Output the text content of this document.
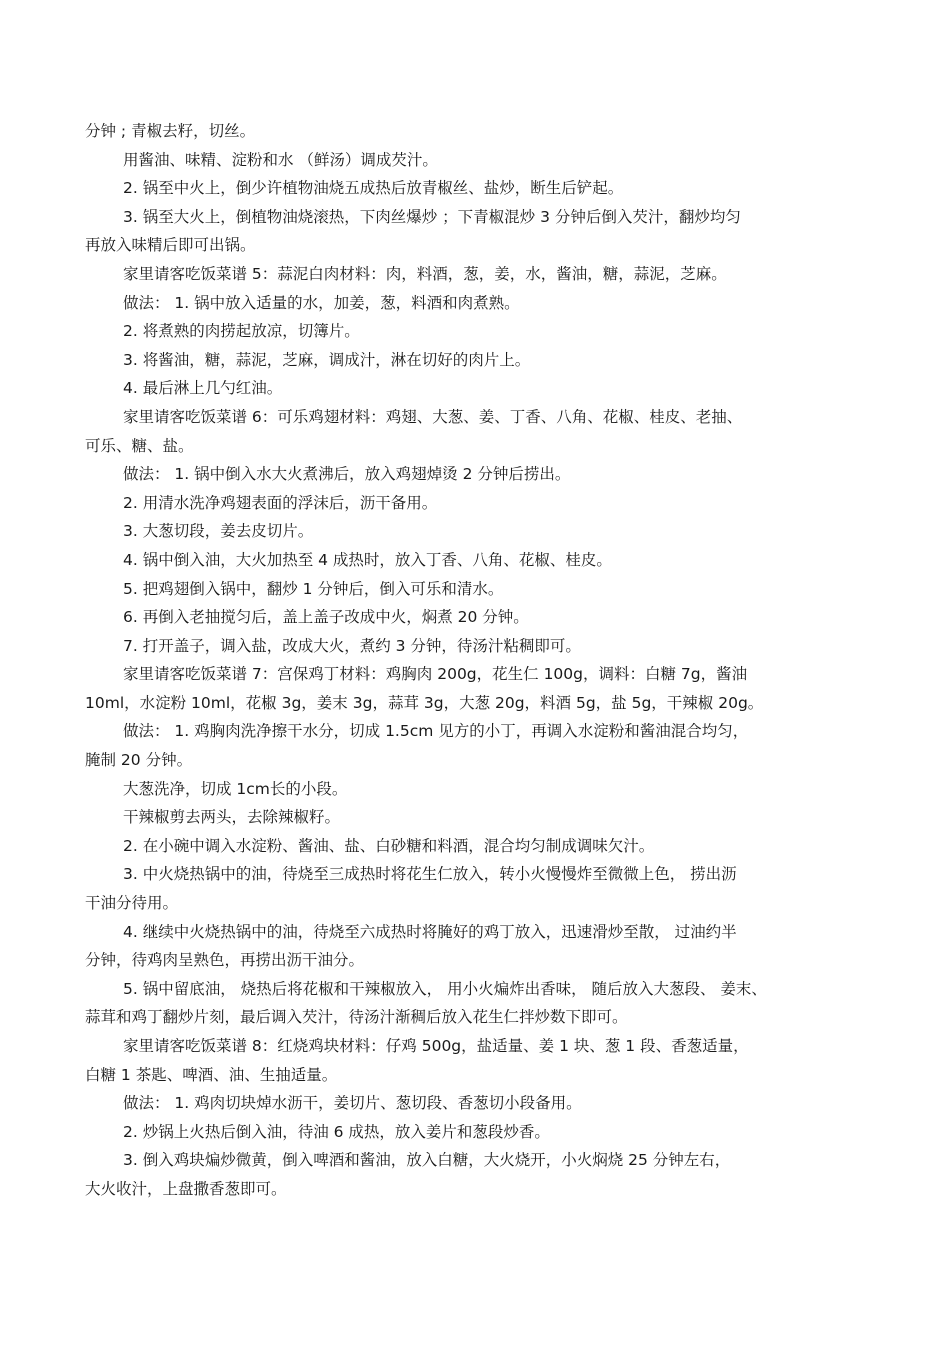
分钟 ; 青椒去籽，切丝。
用酱油、味精、淀粉和水 （鲜汤）调成芡汁。
2. 锅至中火上，倒少许植物油烧五成热后放青椒丝、盐炒，断生后铲起。
3. 锅至大火上，倒植物油烧滚热，下肉丝爆炒 ；下青椒混炒 3 分钟后倒入芡汁，翻炒均匀
再放入味精后即可出锅。
家里请客吃饭菜谱 5：蒜泥白肉材料：肉，料酒，葱，姜，水，酱油，糖，蒜泥，芝麻。
做法： 1. 锅中放入适量的水，加姜，葱，料酒和肉煮熟。
2. 将煮熟的肉捞起放凉，切簿片。
3. 将酱油，糖，蒜泥，芝麻，调成汁，淋在切好的肉片上。
4. 最后淋上几勺红油。
家里请客吃饭菜谱 6：可乐鸡翅材料：鸡翅、大葱、姜、丁香、八角、花椒、桂皮、老抽、
可乐、糖、盐。
做法： 1. 锅中倒入水大火煮沸后，放入鸡翅焯烫 2 分钟后捞出。
2. 用清水洗净鸡翅表面的浮沫后，沥干备用。
3. 大葱切段，姜去皮切片。
4. 锅中倒入油，大火加热至 4 成热时，放入丁香、八角、花椒、桂皮。
5. 把鸡翅倒入锅中，翻炒 1 分钟后，倒入可乐和清水。
6. 再倒入老抽搅匀后，盖上盖子改成中火，焖煮 20 分钟。
7. 打开盖子，调入盐，改成大火，煮约 3 分钟，待汤汁粘稠即可。
家里请客吃饭菜谱 7：宫保鸡丁材料：鸡胸肉 200g，花生仁 100g，调料：白糖 7g，酱油
10ml，水淀粉 10ml，花椒 3g，姜末 3g，蒜茸 3g，大葱 20g，料酒 5g，盐 5g，干辣椒 20g。
做法： 1. 鸡胸肉洗净擦干水分，切成 1.5cm 见方的小丁，再调入水淀粉和酱油混合均匀，
腌制 20 分钟。
大葱洗净，切成 1cm长的小段。
干辣椒剪去两头，去除辣椒籽。
2. 在小碗中调入水淀粉、酱油、盐、白砂糖和料酒，混合均匀制成调味欠汁。
3. 中火烧热锅中的油，待烧至三成热时将花生仁放入，转小火慢慢炸至微微上色， 捞出沥
干油分待用。
4. 继续中火烧热锅中的油，待烧至六成热时将腌好的鸡丁放入，迅速滑炒至散， 过油约半
分钟，待鸡肉呈熟色，再捞出沥干油分。
5. 锅中留底油， 烧热后将花椒和干辣椒放入， 用小火煸炸出香味， 随后放入大葱段、 姜末、
蒜茸和鸡丁翻炒片刻，最后调入芡汁，待汤汁渐稠后放入花生仁拌炒数下即可。
家里请客吃饭菜谱 8：红烧鸡块材料：仔鸡 500g，盐适量、姜 1 块、葱 1 段、香葱适量，
白糖 1 茶匙、啤酒、油、生抽适量。
做法： 1. 鸡肉切块焯水沥干，姜切片、葱切段、香葱切小段备用。
2. 炒锅上火热后倒入油，待油 6 成热，放入姜片和葱段炒香。
3. 倒入鸡块煸炒微黄，倒入啤酒和酱油，放入白糖，大火烧开，小火焖烧 25 分钟左右，
大火收汁，上盘撒香葱即可。
